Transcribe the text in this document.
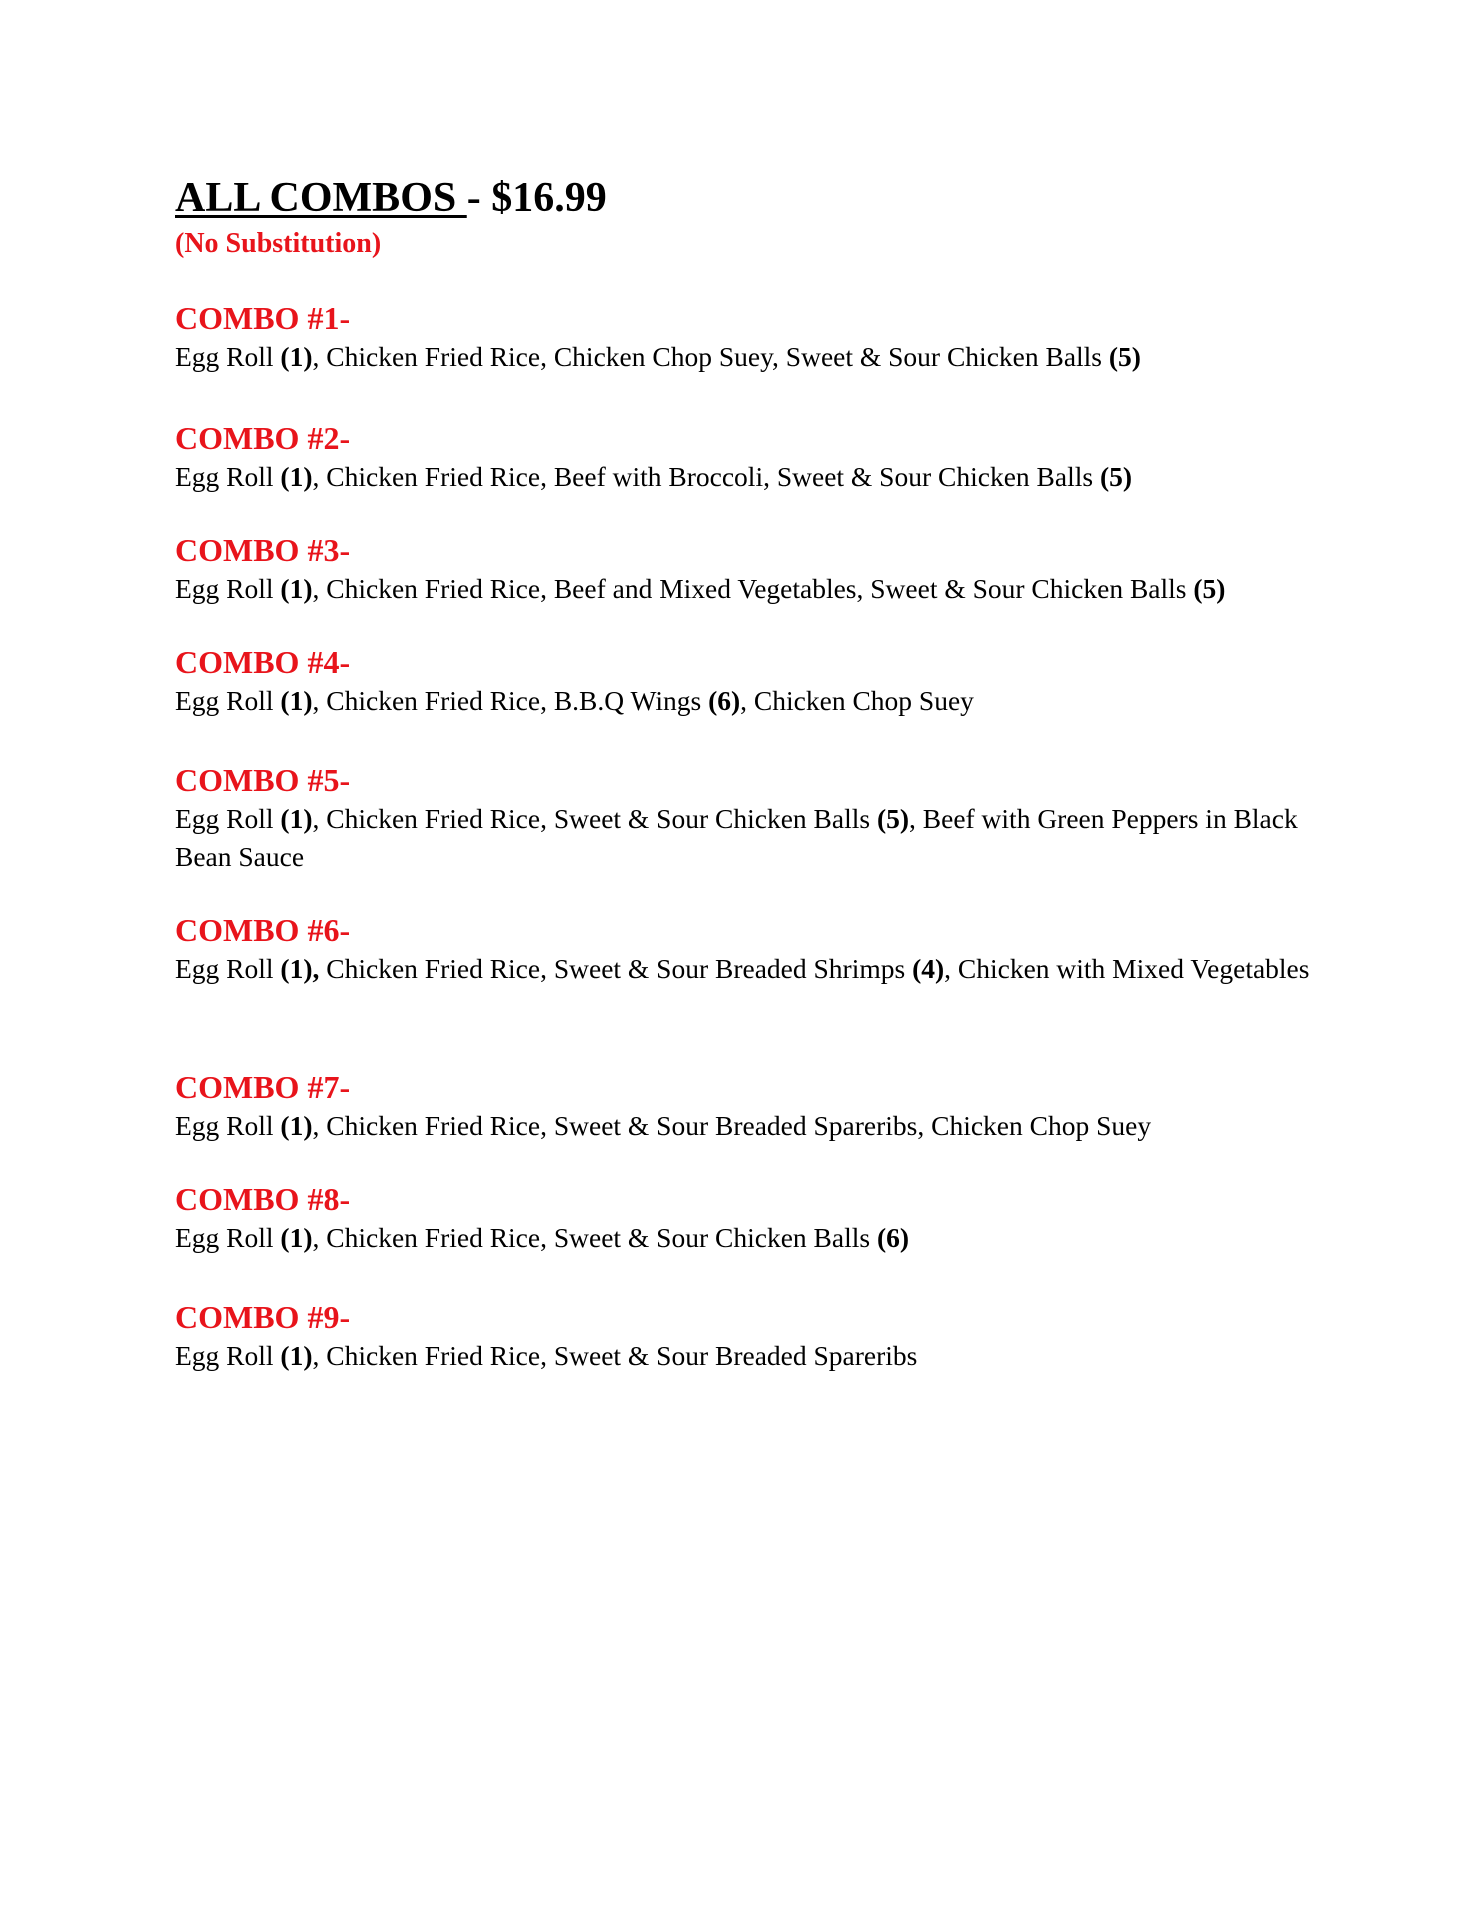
ALL COMBOS - $16.99

(No Substitution)

COMBO #1-

Egg Roll (1), Chicken Fried Rice, Chicken Chop Suey, Sweet & Sour Chicken Balls (5)

COMBO #2-

Egg Roll (1), Chicken Fried Rice, Beef with Broccoli, Sweet & Sour Chicken Balls (5)

COMBO #3-

Egg Roll (1), Chicken Fried Rice, Beef and Mixed Vegetables, Sweet & Sour Chicken Balls (5)

COMBO #4-

Egg Roll (1), Chicken Fried Rice, B.B.Q Wings (6), Chicken Chop Suey

COMBO #5-

Egg Roll (1), Chicken Fried Rice, Sweet & Sour Chicken Balls (5), Beef with Green Peppers in Black Bean Sauce

COMBO #6-

Egg Roll (1), Chicken Fried Rice, Sweet & Sour Breaded Shrimps (4), Chicken with Mixed Vegetables

COMBO #7-

Egg Roll (1), Chicken Fried Rice, Sweet & Sour Breaded Spareribs, Chicken Chop Suey

COMBO #8-

Egg Roll (1), Chicken Fried Rice, Sweet & Sour Chicken Balls (6)

COMBO #9-

Egg Roll (1), Chicken Fried Rice, Sweet & Sour Breaded Spareribs
